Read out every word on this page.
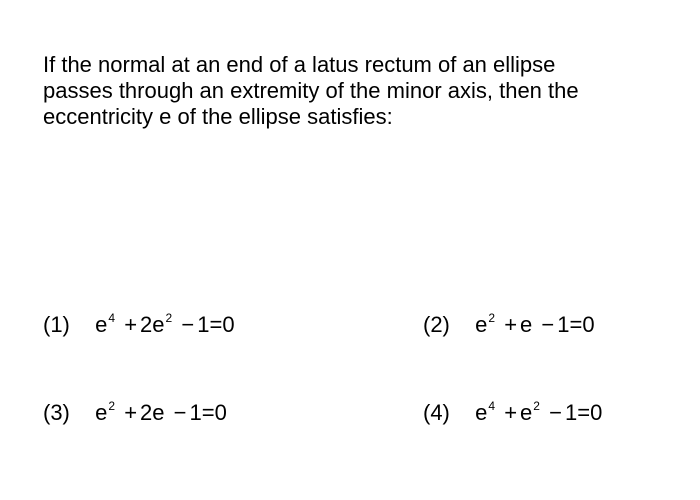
If the normal at an end of a latus rectum of an ellipse
passes through an extremity of the minor axis, then the
eccentricity e of the ellipse satisfies:
(1) $e^4 + 2e^2 - 1=0$	(2) $e^2 + e - 1=0$
(3) $e^2 + 2e - 1=0$	(4) $e^4 + e^2 - 1=0$
